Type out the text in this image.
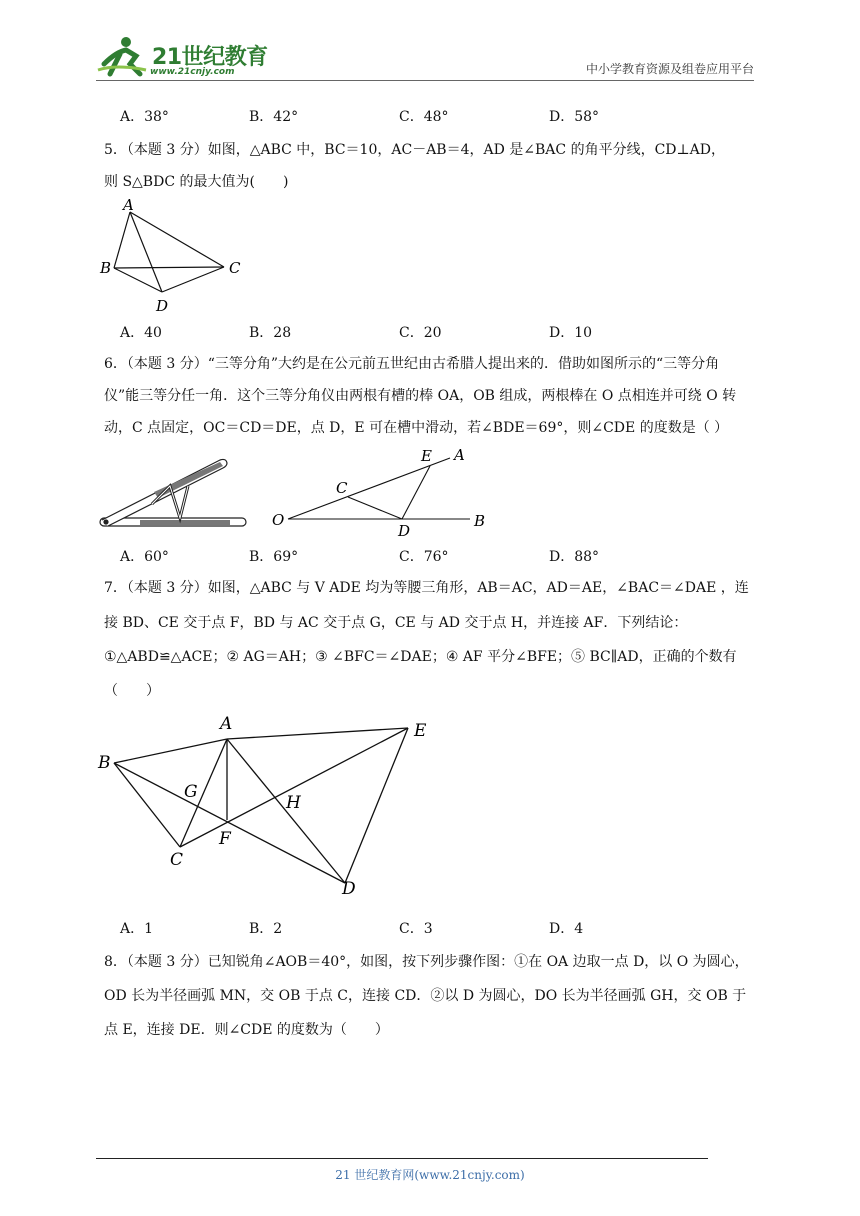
21世纪教育
www.21cnjy.com	中小学教育资源及组卷应用平台
A．38°	B．42°	C．48°	D．58°
5．（本题 3 分）如图，△ABC 中，BC＝10，AC－AB＝4，AD 是∠BAC 的角平分线，CD⊥AD，
则 S△BDC 的最大值为(　　)
A
B	C
D
A．40	B．28	C．20	D．10
6．（本题 3 分）“三等分角”大约是在公元前五世纪由古希腊人提出来的．借助如图所示的“三等分角
仪”能三等分任一角．这个三等分角仪由两根有槽的棒 OA，OB 组成，两根棒在 O 点相连并可绕 O 转
动，C 点固定，OC＝CD＝DE，点 D，E 可在槽中滑动，若∠BDE＝69°，则∠CDE 的度数是（ ）
O
A
B
C
D
E
A．60°	B．69°	C．76°	D．88°
7．（本题 3 分）如图，△ABC 与 V ADE 均为等腰三角形，AB＝AC，AD＝AE，∠BAC＝∠DAE ，连
接 BD、CE 交于点 F，BD 与 AC 交于点 G，CE 与 AD 交于点 H，并连接 AF．下列结论：
①△ABD≌△ACE；② AG＝AH；③ ∠BFC＝∠DAE；④ AF 平分∠BFE；⑤ BC∥AD，正确的个数有
（　　）
A
B
C
D
E
F
G
H
A．1	B．2	C．3	D．4
8．（本题 3 分）已知锐角∠AOB＝40°，如图，按下列步骤作图：①在 OA 边取一点 D，以 O 为圆心，
OD 长为半径画弧 MN，交 OB 于点 C，连接 CD．②以 D 为圆心，DO 长为半径画弧 GH，交 OB 于
点 E，连接 DE．则∠CDE 的度数为（　　）
21 世纪教育网(www.21cnjy.com)
